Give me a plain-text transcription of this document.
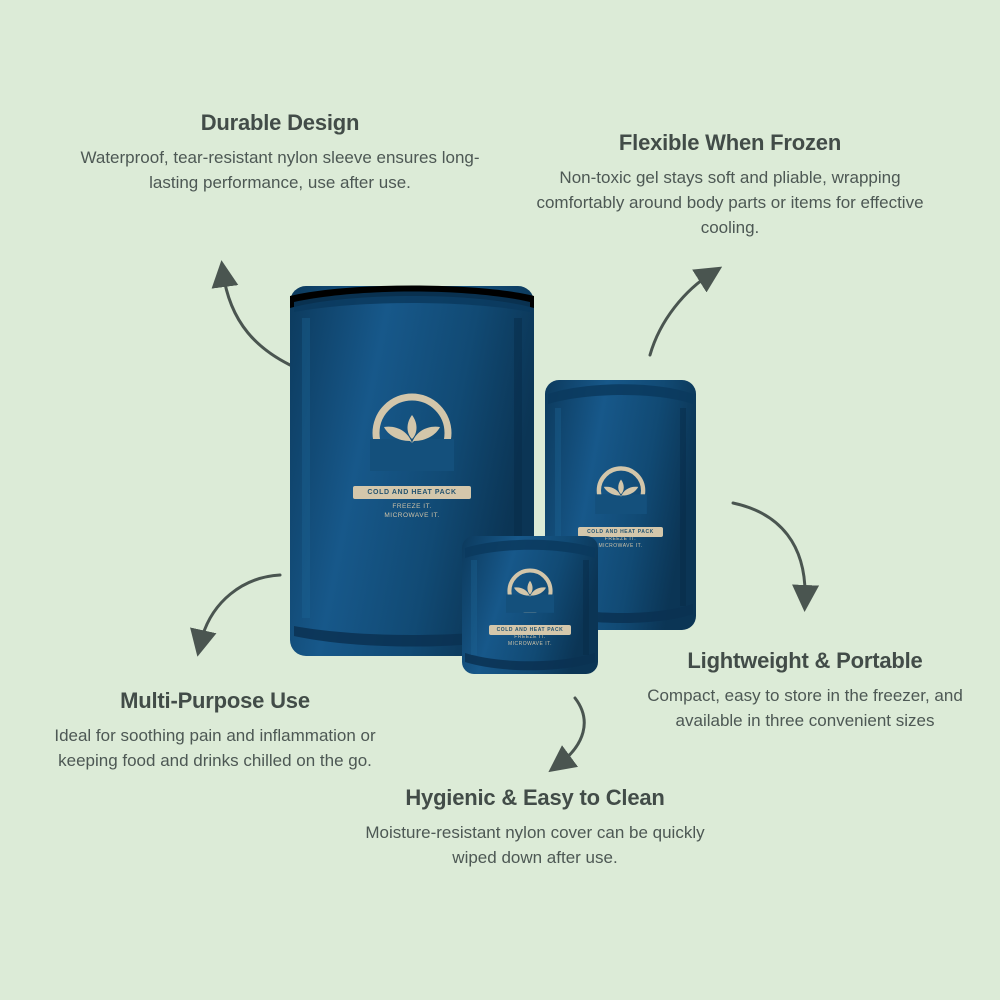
Durable Design
Waterproof, tear-resistant nylon sleeve ensures long-lasting performance, use after use.
Flexible When Frozen
Non-toxic gel stays soft and pliable, wrapping comfortably around body parts or items for effective cooling.
Multi-Purpose Use
Ideal for soothing pain and inflammation or keeping food and drinks chilled on the go.
Hygienic & Easy to Clean
Moisture-resistant nylon cover can be quickly wiped down after use.
Lightweight & Portable
Compact, easy to store in the freezer, and available in three convenient sizes
COLD AND HEAT PACK
FREEZE IT.
MICROWAVE IT.
COLD AND HEAT PACK
FREEZE IT.
MICROWAVE IT.
COLD AND HEAT PACK
FREEZE IT.
MICROWAVE IT.
